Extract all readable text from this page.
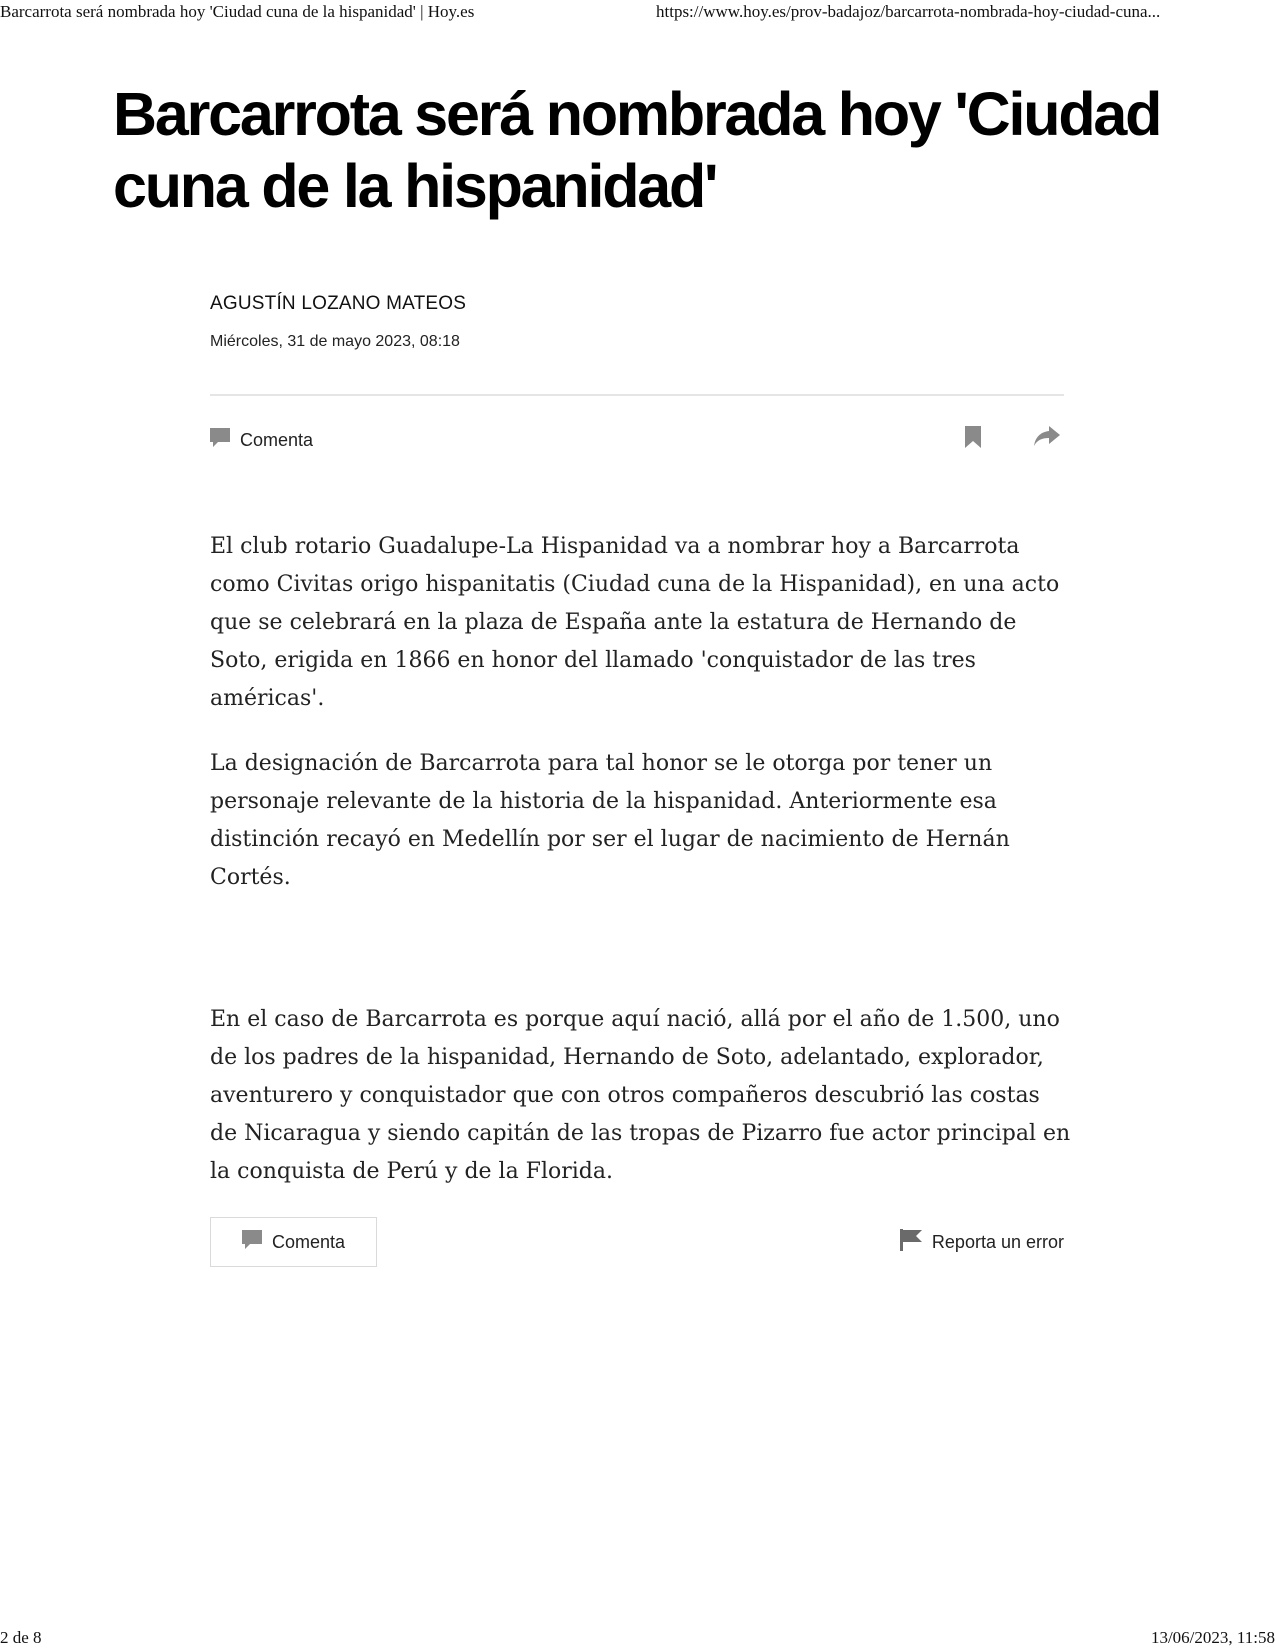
Barcarrota será nombrada hoy 'Ciudad cuna de la hispanidad' | Hoy.es	https://www.hoy.es/prov-badajoz/barcarrota-nombrada-hoy-ciudad-cuna...
Barcarrota será nombrada hoy 'Ciudad cuna de la hispanidad'
AGUSTÍN LOZANO MATEOS
Miércoles, 31 de mayo 2023, 08:18
Comenta

El club rotario Guadalupe-La Hispanidad va a nombrar hoy a Barcarrota como Civitas origo hispanitatis (Ciudad cuna de la Hispanidad), en una acto que se celebrará en la plaza de España ante la estatura de Hernando de Soto, erigida en 1866 en honor del llamado 'conquistador de las tres américas'.

La designación de Barcarrota para tal honor se le otorga por tener un personaje relevante de la historia de la hispanidad. Anteriormente esa distinción recayó en Medellín por ser el lugar de nacimiento de Hernán Cortés.

En el caso de Barcarrota es porque aquí nació, allá por el año de 1.500, uno de los padres de la hispanidad, Hernando de Soto, adelantado, explorador, aventurero y conquistador que con otros compañeros descubrió las costas de Nicaragua y siendo capitán de las tropas de Pizarro fue actor principal en la conquista de Perú y de la Florida.

Comenta	Reporta un error
2 de 8	13/06/2023, 11:58
